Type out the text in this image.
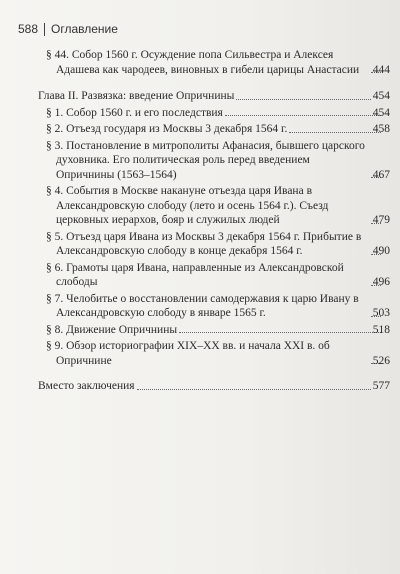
588 Оглавление
§ 44. Собор 1560 г. Осуждение попа Сильвестра и Алексея Адашева как чародеев, виновных в гибели царицы Анастасии	444
Глава II. Развязка: введение Опричнины	454
§ 1. Собор 1560 г. и его последствия	454
§ 2. Отъезд государя из Москвы 3 декабря 1564 г.	458
§ 3. Постановление в митрополиты Афанасия, бывшего царского духовника. Его политическая роль перед введением Опричнины (1563–1564)	467
§ 4. События в Москве накануне отъезда царя Ивана в Александровскую слободу (лето и осень 1564 г.). Съезд церковных иерархов, бояр и служилых людей	479
§ 5. Отъезд царя Ивана из Москвы 3 декабря 1564 г. Прибытие в Александровскую слободу в конце декабря 1564 г.	490
§ 6. Грамоты царя Ивана, направленные из Александровской слободы	496
§ 7. Челобитье о восстановлении самодержавия к царю Ивану в Александровскую слободу в январе 1565 г.	503
§ 8. Движение Опричнины	518
§ 9. Обзор историографии XIX–XX вв. и начала XXI в. об Опричнине	526
Вместо заключения	577
